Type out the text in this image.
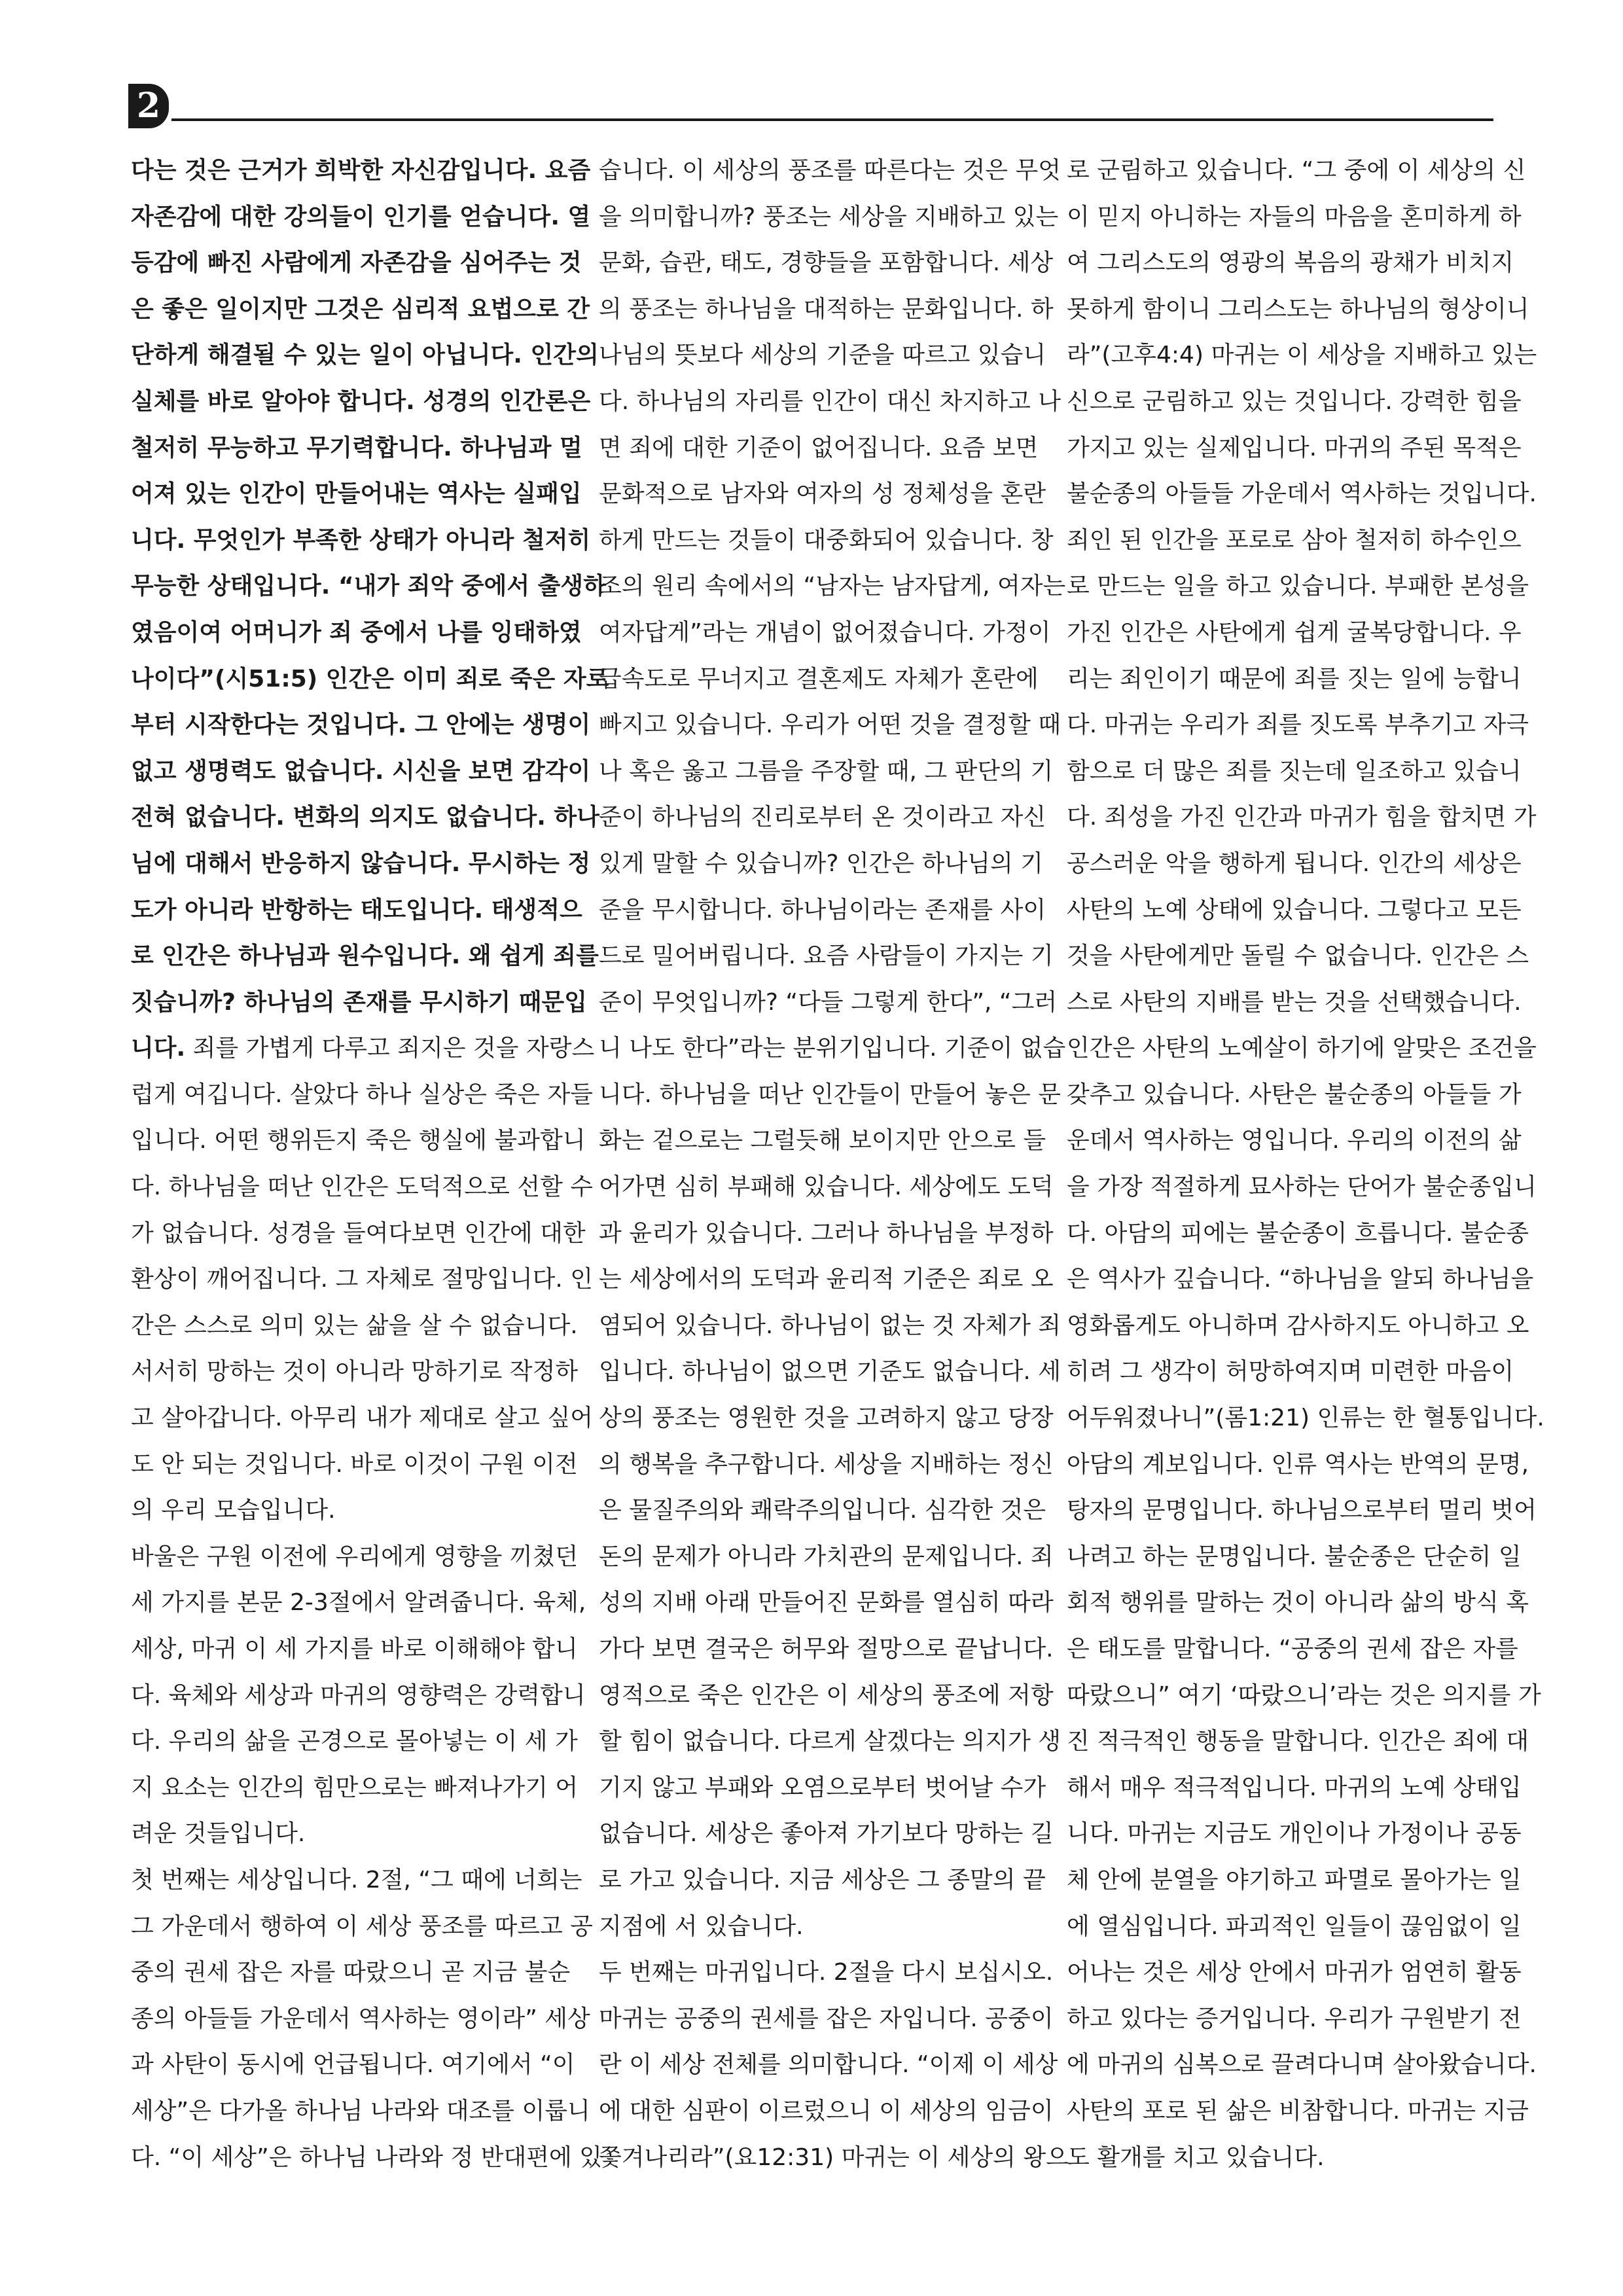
2
다는 것은 근거가 희박한 자신감입니다. 요즘
자존감에 대한 강의들이 인기를 얻습니다. 열
등감에 빠진 사람에게 자존감을 심어주는 것
은 좋은 일이지만 그것은 심리적 요법으로 간
단하게 해결될 수 있는 일이 아닙니다. 인간의
실체를 바로 알아야 합니다. 성경의 인간론은
철저히 무능하고 무기력합니다. 하나님과 멀
어져 있는 인간이 만들어내는 역사는 실패입
니다. 무엇인가 부족한 상태가 아니라 철저히
무능한 상태입니다. “내가 죄악 중에서 출생하
였음이여 어머니가 죄 중에서 나를 잉태하였
나이다”(시51:5) 인간은 이미 죄로 죽은 자로
부터 시작한다는 것입니다. 그 안에는 생명이
없고 생명력도 없습니다. 시신을 보면 감각이
전혀 없습니다. 변화의 의지도 없습니다. 하나
님에 대해서 반응하지 않습니다. 무시하는 정
도가 아니라 반항하는 태도입니다. 태생적으
로 인간은 하나님과 원수입니다. 왜 쉽게 죄를
짓습니까? 하나님의 존재를 무시하기 때문입
니다. 죄를 가볍게 다루고 죄지은 것을 자랑스
럽게 여깁니다. 살았다 하나 실상은 죽은 자들
입니다. 어떤 행위든지 죽은 행실에 불과합니
다. 하나님을 떠난 인간은 도덕적으로 선할 수
가 없습니다. 성경을 들여다보면 인간에 대한
환상이 깨어집니다. 그 자체로 절망입니다. 인
간은 스스로 의미 있는 삶을 살 수 없습니다.
서서히 망하는 것이 아니라 망하기로 작정하
고 살아갑니다. 아무리 내가 제대로 살고 싶어
도 안 되는 것입니다. 바로 이것이 구원 이전
의 우리 모습입니다.
바울은 구원 이전에 우리에게 영향을 끼쳤던
세 가지를 본문 2-3절에서 알려줍니다. 육체,
세상, 마귀 이 세 가지를 바로 이해해야 합니
다. 육체와 세상과 마귀의 영향력은 강력합니
다. 우리의 삶을 곤경으로 몰아넣는 이 세 가
지 요소는 인간의 힘만으로는 빠져나가기 어
려운 것들입니다.
첫 번째는 세상입니다. 2절, “그 때에 너희는
그 가운데서 행하여 이 세상 풍조를 따르고 공
중의 권세 잡은 자를 따랐으니 곧 지금 불순
종의 아들들 가운데서 역사하는 영이라” 세상
과 사탄이 동시에 언급됩니다. 여기에서 “이
세상”은 다가올 하나님 나라와 대조를 이룹니
다. “이 세상”은 하나님 나라와 정 반대편에 있
습니다. 이 세상의 풍조를 따른다는 것은 무엇
을 의미합니까? 풍조는 세상을 지배하고 있는
문화, 습관, 태도, 경향들을 포함합니다. 세상
의 풍조는 하나님을 대적하는 문화입니다. 하
나님의 뜻보다 세상의 기준을 따르고 있습니
다. 하나님의 자리를 인간이 대신 차지하고 나
면 죄에 대한 기준이 없어집니다. 요즘 보면
문화적으로 남자와 여자의 성 정체성을 혼란
하게 만드는 것들이 대중화되어 있습니다. 창
조의 원리 속에서의 “남자는 남자답게, 여자는
여자답게”라는 개념이 없어졌습니다. 가정이
급속도로 무너지고 결혼제도 자체가 혼란에
빠지고 있습니다. 우리가 어떤 것을 결정할 때
나 혹은 옳고 그름을 주장할 때, 그 판단의 기
준이 하나님의 진리로부터 온 것이라고 자신
있게 말할 수 있습니까? 인간은 하나님의 기
준을 무시합니다. 하나님이라는 존재를 사이
드로 밀어버립니다. 요즘 사람들이 가지는 기
준이 무엇입니까? “다들 그렇게 한다”, “그러
니 나도 한다”라는 분위기입니다. 기준이 없습
니다. 하나님을 떠난 인간들이 만들어 놓은 문
화는 겉으로는 그럴듯해 보이지만 안으로 들
어가면 심히 부패해 있습니다. 세상에도 도덕
과 윤리가 있습니다. 그러나 하나님을 부정하
는 세상에서의 도덕과 윤리적 기준은 죄로 오
염되어 있습니다. 하나님이 없는 것 자체가 죄
입니다. 하나님이 없으면 기준도 없습니다. 세
상의 풍조는 영원한 것을 고려하지 않고 당장
의 행복을 추구합니다. 세상을 지배하는 정신
은 물질주의와 쾌락주의입니다. 심각한 것은
돈의 문제가 아니라 가치관의 문제입니다. 죄
성의 지배 아래 만들어진 문화를 열심히 따라
가다 보면 결국은 허무와 절망으로 끝납니다.
영적으로 죽은 인간은 이 세상의 풍조에 저항
할 힘이 없습니다. 다르게 살겠다는 의지가 생
기지 않고 부패와 오염으로부터 벗어날 수가
없습니다. 세상은 좋아져 가기보다 망하는 길
로 가고 있습니다. 지금 세상은 그 종말의 끝
지점에 서 있습니다.
두 번째는 마귀입니다. 2절을 다시 보십시오.
마귀는 공중의 권세를 잡은 자입니다. 공중이
란 이 세상 전체를 의미합니다. “이제 이 세상
에 대한 심판이 이르렀으니 이 세상의 임금이
쫓겨나리라”(요12:31) 마귀는 이 세상의 왕으
로 군림하고 있습니다. “그 중에 이 세상의 신
이 믿지 아니하는 자들의 마음을 혼미하게 하
여 그리스도의 영광의 복음의 광채가 비치지
못하게 함이니 그리스도는 하나님의 형상이니
라”(고후4:4) 마귀는 이 세상을 지배하고 있는
신으로 군림하고 있는 것입니다. 강력한 힘을
가지고 있는 실제입니다. 마귀의 주된 목적은
불순종의 아들들 가운데서 역사하는 것입니다.
죄인 된 인간을 포로로 삼아 철저히 하수인으
로 만드는 일을 하고 있습니다. 부패한 본성을
가진 인간은 사탄에게 쉽게 굴복당합니다. 우
리는 죄인이기 때문에 죄를 짓는 일에 능합니
다. 마귀는 우리가 죄를 짓도록 부추기고 자극
함으로 더 많은 죄를 짓는데 일조하고 있습니
다. 죄성을 가진 인간과 마귀가 힘을 합치면 가
공스러운 악을 행하게 됩니다. 인간의 세상은
사탄의 노예 상태에 있습니다. 그렇다고 모든
것을 사탄에게만 돌릴 수 없습니다. 인간은 스
스로 사탄의 지배를 받는 것을 선택했습니다.
인간은 사탄의 노예살이 하기에 알맞은 조건을
갖추고 있습니다. 사탄은 불순종의 아들들 가
운데서 역사하는 영입니다. 우리의 이전의 삶
을 가장 적절하게 묘사하는 단어가 불순종입니
다. 아담의 피에는 불순종이 흐릅니다. 불순종
은 역사가 깊습니다. “하나님을 알되 하나님을
영화롭게도 아니하며 감사하지도 아니하고 오
히려 그 생각이 허망하여지며 미련한 마음이
어두워졌나니”(롬1:21) 인류는 한 혈통입니다.
아담의 계보입니다. 인류 역사는 반역의 문명,
탕자의 문명입니다. 하나님으로부터 멀리 벗어
나려고 하는 문명입니다. 불순종은 단순히 일
회적 행위를 말하는 것이 아니라 삶의 방식 혹
은 태도를 말합니다. “공중의 권세 잡은 자를
따랐으니” 여기 ‘따랐으니’라는 것은 의지를 가
진 적극적인 행동을 말합니다. 인간은 죄에 대
해서 매우 적극적입니다. 마귀의 노예 상태입
니다. 마귀는 지금도 개인이나 가정이나 공동
체 안에 분열을 야기하고 파멸로 몰아가는 일
에 열심입니다. 파괴적인 일들이 끊임없이 일
어나는 것은 세상 안에서 마귀가 엄연히 활동
하고 있다는 증거입니다. 우리가 구원받기 전
에 마귀의 심복으로 끌려다니며 살아왔습니다.
사탄의 포로 된 삶은 비참합니다. 마귀는 지금
도 활개를 치고 있습니다.
